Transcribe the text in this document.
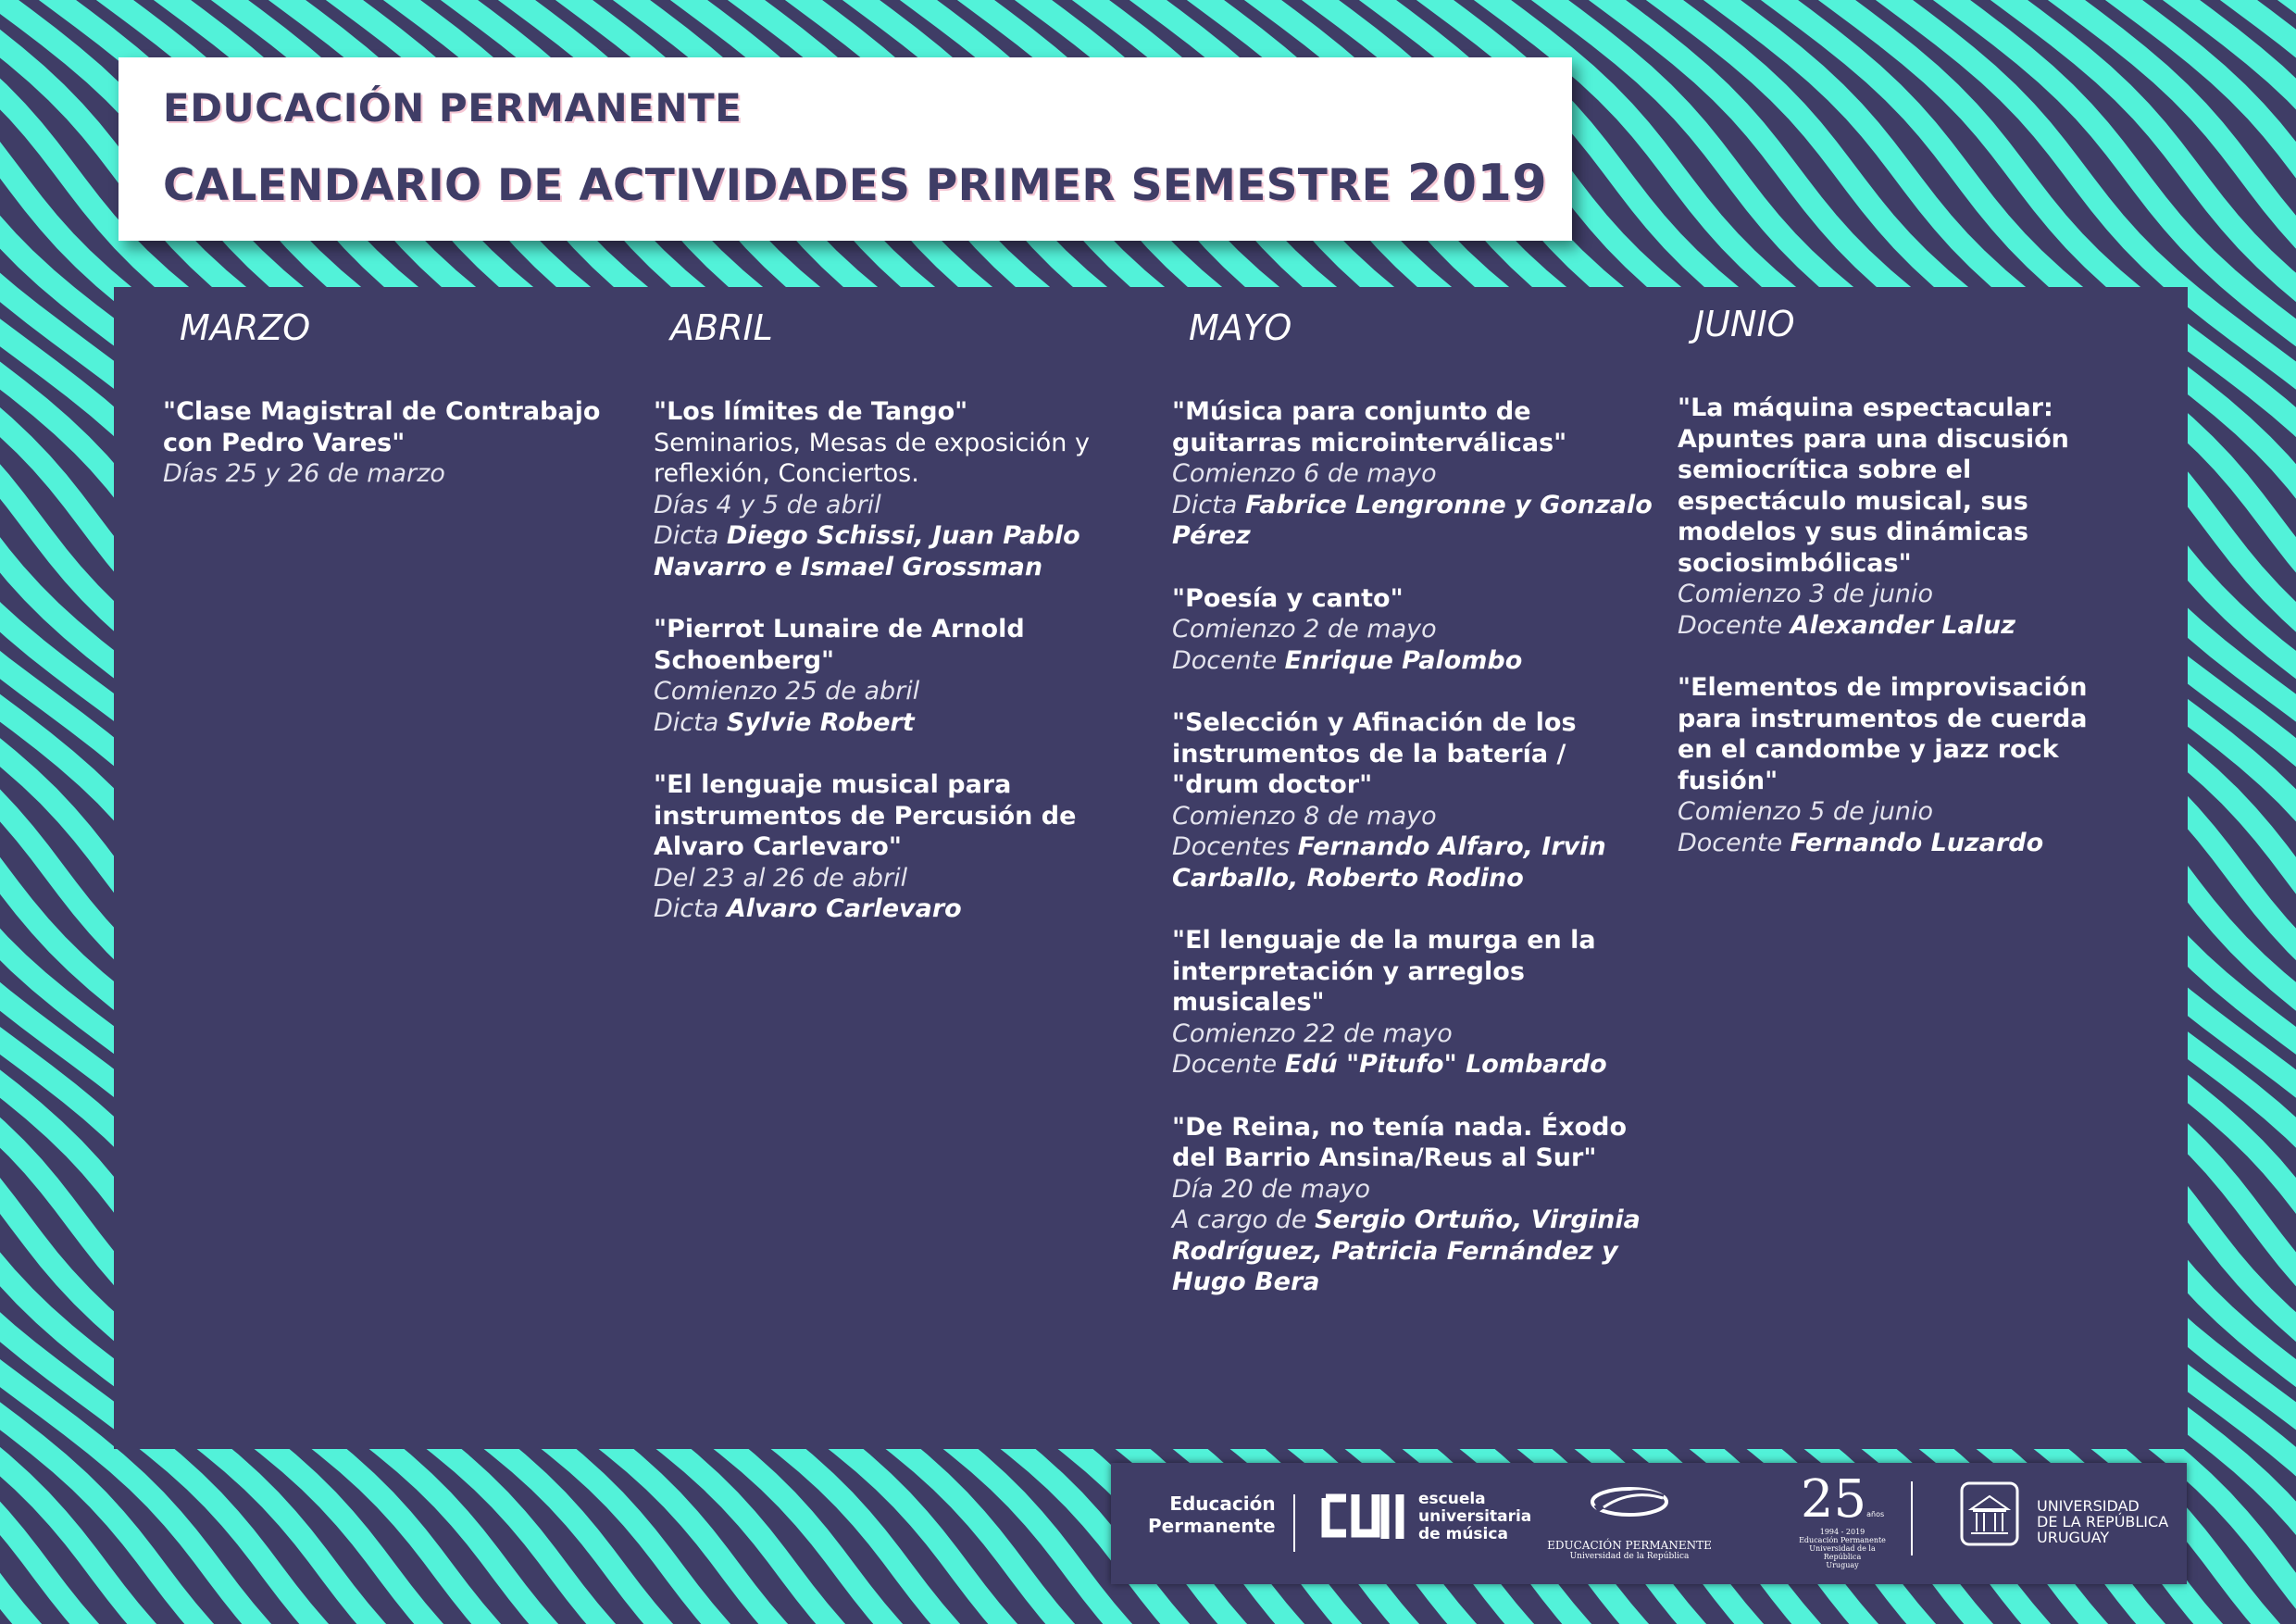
EDUCACIÓN PERMANENTE
CALENDARIO DE ACTIVIDADES PRIMER SEMESTRE 2019
MARZO
"Clase Magistral de Contrabajo con Pedro Vares"
Días 25 y 26 de marzo
ABRIL
"Los límites de Tango"
Seminarios, Mesas de exposición y reflexión, Conciertos.
Días 4 y 5 de abril
Dicta Diego Schissi, Juan Pablo Navarro e Ismael Grossman
"Pierrot Lunaire de Arnold Schoenberg"
Comienzo 25 de abril
Dicta Sylvie Robert
"El lenguaje musical para instrumentos de Percusión de Alvaro Carlevaro"
Del 23 al 26 de abril
Dicta Alvaro Carlevaro
MAYO
"Música para conjunto de guitarras microinterválicas"
Comienzo 6 de mayo
Dicta Fabrice Lengronne y Gonzalo Pérez
"Poesía y canto"
Comienzo 2 de mayo
Docente Enrique Palombo
"Selección y Afinación de los instrumentos de la batería / "drum doctor"
Comienzo 8 de mayo
Docentes Fernando Alfaro, Irvin Carballo, Roberto Rodino
"El lenguaje de la murga en la interpretación y arreglos musicales"
Comienzo 22 de mayo
Docente Edú "Pitufo" Lombardo
"De Reina, no tenía nada. Éxodo del Barrio Ansina/Reus al Sur"
Día 20 de mayo
A cargo de Sergio Ortuño, Virginia Rodríguez, Patricia Fernández y Hugo Bera
JUNIO
"La máquina espectacular: Apuntes para una discusión semiocrítica sobre el espectáculo musical, sus modelos y sus dinámicas sociosimbólicas"
Comienzo 3 de junio
Docente Alexander Laluz
"Elementos de improvisación para instrumentos de cuerda en el candombe y jazz rock fusión"
Comienzo 5 de junio
Docente Fernando Luzardo
Educación
Permanente
escuela
universitaria
de música
EDUCACIÓN PERMANENTE
Universidad de la República
25años
1994 - 2019
Educación Permanente
Universidad de la República
Uruguay
UNIVERSIDAD
DE LA REPÚBLICA
URUGUAY
